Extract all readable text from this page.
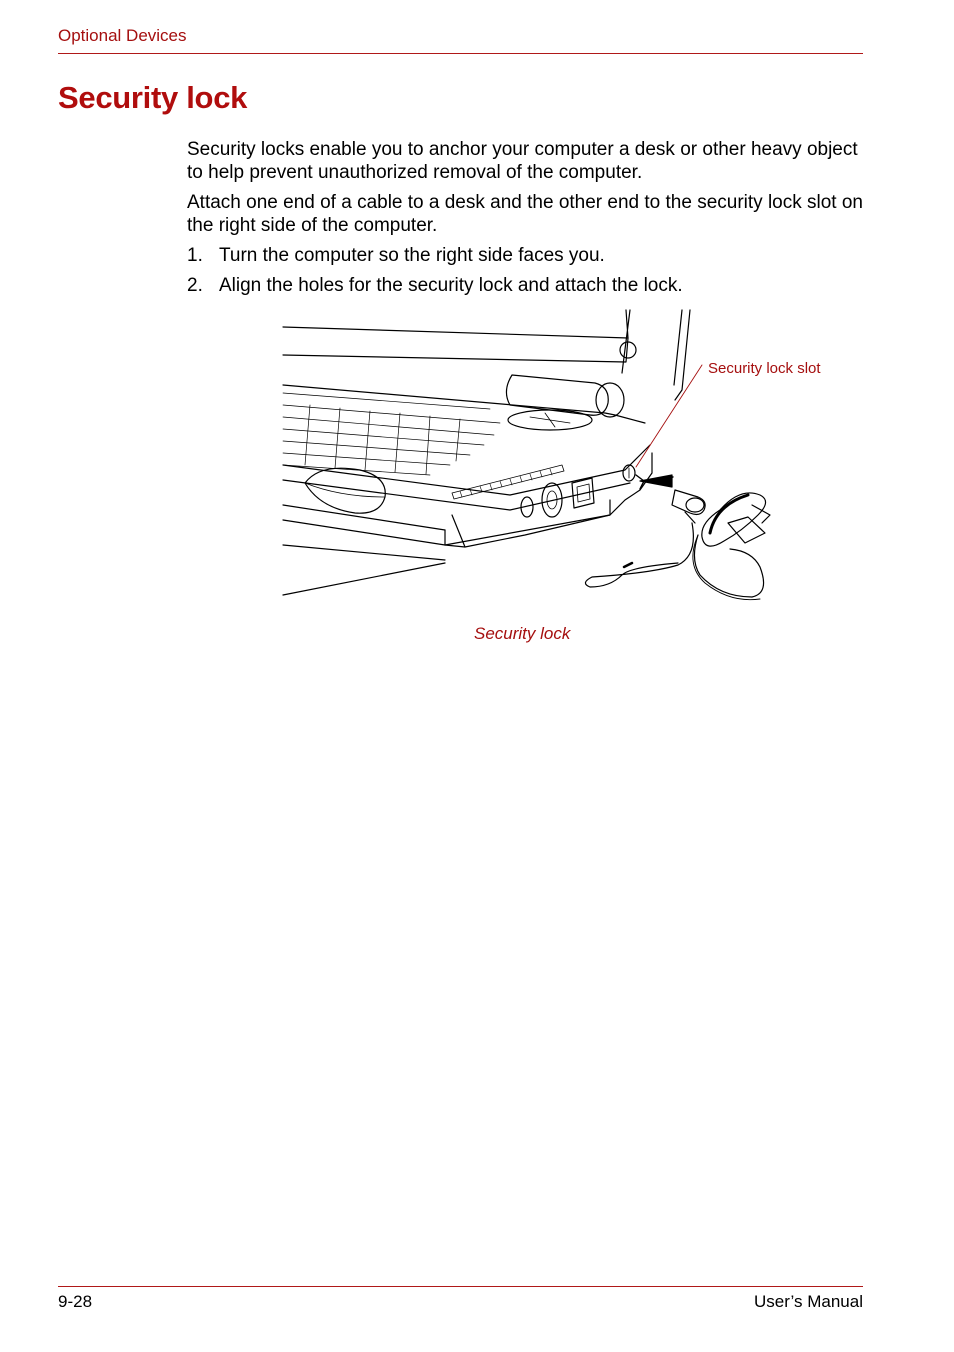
Optional Devices
Security lock

Security locks enable you to anchor your computer a desk or other heavy object to help prevent unauthorized removal of the computer.

Attach one end of a cable to a desk and the other end to the security lock slot on the right side of the computer.

1. Turn the computer so the right side faces you.
2. Align the holes for the security lock and attach the lock.
Security lock slot
Security lock
9-28	User’s Manual
